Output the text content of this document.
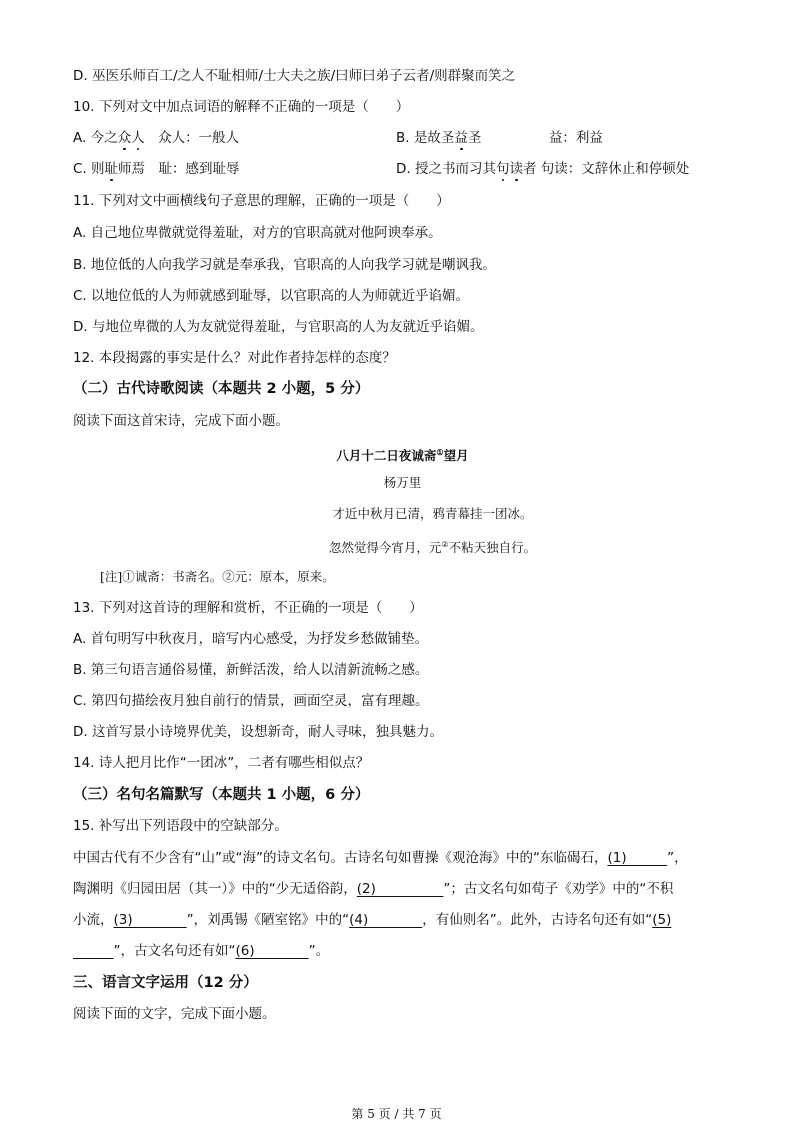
D. 巫医乐师百工/之人不耻相师/士大夫之族/曰师曰弟子云者/则群聚而笑之
10. 下列对文中加点词语的解释不正确的一项是（　　）
A. 今之众人　众人：一般人	B. 是故圣益圣　　　　　益：利益
C. 则耻师焉　耻：感到耻辱	D. 授之书而习其句读者 句读：文辞休止和停顿处
11. 下列对文中画横线句子意思的理解，正确的一项是（　　）
A. 自己地位卑微就觉得羞耻，对方的官职高就对他阿谀奉承。
B. 地位低的人向我学习就是奉承我，官职高的人向我学习就是嘲讽我。
C. 以地位低的人为师就感到耻辱，以官职高的人为师就近乎谄媚。
D. 与地位卑微的人为友就觉得羞耻，与官职高的人为友就近乎谄媚。
12. 本段揭露的事实是什么？对此作者持怎样的态度？
（二）古代诗歌阅读（本题共 2 小题，5 分）
阅读下面这首宋诗，完成下面小题。
八月十二日夜诚斋①望月
杨万里
才近中秋月已清，鸦青幕挂一团冰。
忽然觉得今宵月，元②不粘天独自行。
[注]①诚斋：书斋名。②元：原本，原来。
13. 下列对这首诗的理解和赏析，不正确的一项是（　　）
A. 首句明写中秋夜月，暗写内心感受，为抒发乡愁做铺垫。
B. 第三句语言通俗易懂，新鲜活泼，给人以清新流畅之感。
C. 第四句描绘夜月独自前行的情景，画面空灵，富有理趣。
D. 这首写景小诗境界优美，设想新奇，耐人寻味，独具魅力。
14. 诗人把月比作“一团冰”，二者有哪些相似点？
（三）名句名篇默写（本题共 1 小题，6 分）
15. 补写出下列语段中的空缺部分。
中国古代有不少含有“山”或“海”的诗文名句。古诗名句如曹操《观沧海》中的“东临碣石，(1)　　　”，
陶渊明《归园田居（其一）》中的“少无适俗韵，(2)　　　　　”；古文名句如荀子《劝学》中的“不积
小流，(3)　　　　”，刘禹锡《陋室铭》中的“(4)　　　　，有仙则名”。此外，古诗名句还有如“(5)
　　　”，古文名句还有如“(6)　　　　”。
三、语言文字运用（12 分）
阅读下面的文字，完成下面小题。
第 5 页 / 共 7 页
